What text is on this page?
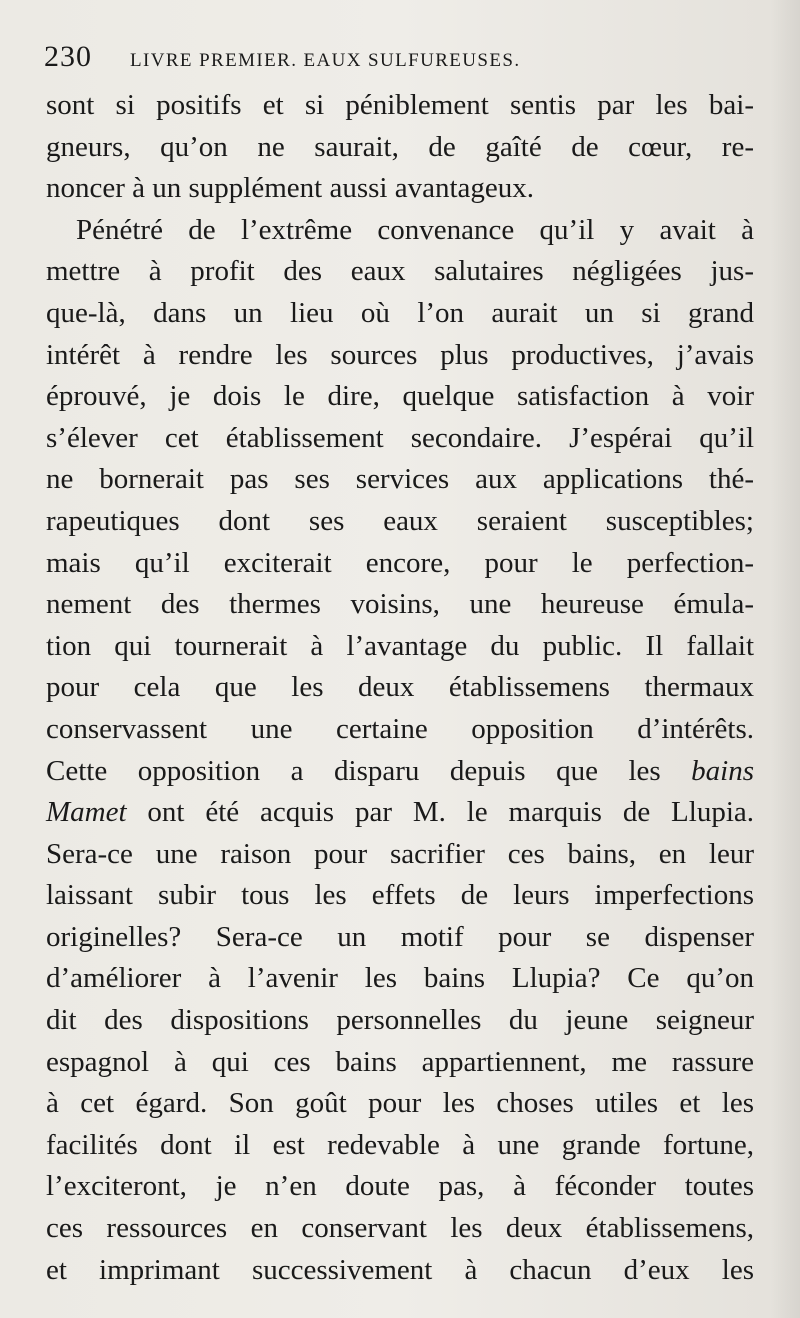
230 LIVRE PREMIER. EAUX SULFUREUSES.
sont si positifs et si péniblement sentis par les bai-
gneurs, qu’on ne saurait, de gaîté de cœur, re-
noncer à un supplément aussi avantageux.
Pénétré de l’extrême convenance qu’il y avait à
mettre à profit des eaux salutaires négligées jus-
que-là, dans un lieu où l’on aurait un si grand
intérêt à rendre les sources plus productives, j’avais
éprouvé, je dois le dire, quelque satisfaction à voir
s’élever cet établissement secondaire. J’espérai qu’il
ne bornerait pas ses services aux applications thé-
rapeutiques dont ses eaux seraient susceptibles;
mais qu’il exciterait encore, pour le perfection-
nement des thermes voisins, une heureuse émula-
tion qui tournerait à l’avantage du public. Il fallait
pour cela que les deux établissemens thermaux
conservassent une certaine opposition d’intérêts.
Cette opposition a disparu depuis que les bains
Mamet ont été acquis par M. le marquis de Llupia.
Sera-ce une raison pour sacrifier ces bains, en leur
laissant subir tous les effets de leurs imperfections
originelles? Sera-ce un motif pour se dispenser
d’améliorer à l’avenir les bains Llupia? Ce qu’on
dit des dispositions personnelles du jeune seigneur
espagnol à qui ces bains appartiennent, me rassure
à cet égard. Son goût pour les choses utiles et les
facilités dont il est redevable à une grande fortune,
l’exciteront, je n’en doute pas, à féconder toutes
ces ressources en conservant les deux établissemens,
et imprimant successivement à chacun d’eux les
